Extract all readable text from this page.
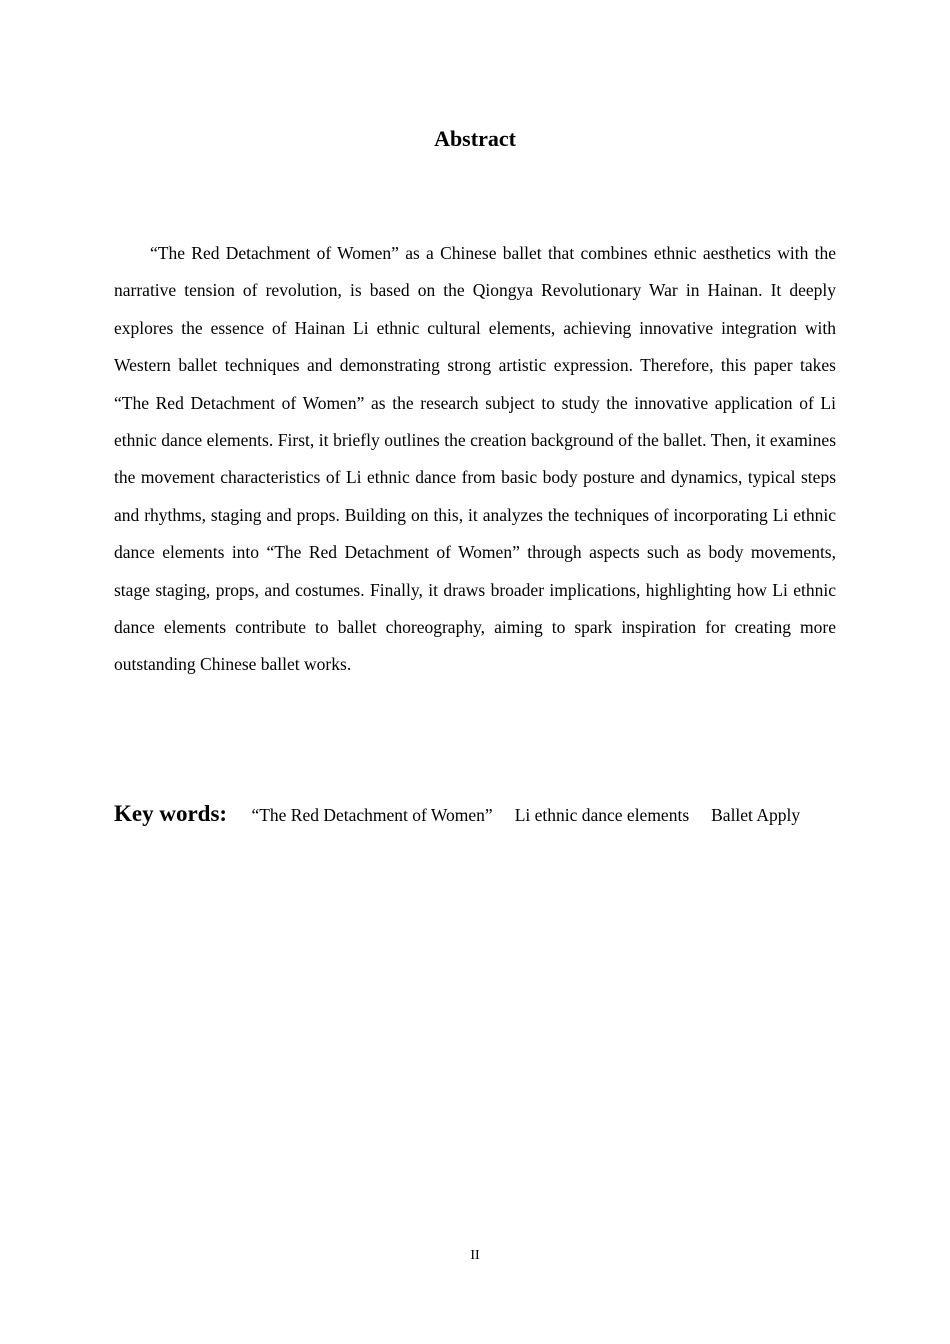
Abstract

“The Red Detachment of Women” as a Chinese ballet that combines ethnic aesthetics with the narrative tension of revolution, is based on the Qiongya Revolutionary War in Hainan. It deeply explores the essence of Hainan Li ethnic cultural elements, achieving innovative integration with Western ballet techniques and demonstrating strong artistic expression. Therefore, this paper takes “The Red Detachment of Women” as the research subject to study the innovative application of Li ethnic dance elements. First, it briefly outlines the creation background of the ballet. Then, it examines the movement characteristics of Li ethnic dance from basic body posture and dynamics, typical steps and rhythms, staging and props. Building on this, it analyzes the techniques of incorporating Li ethnic dance elements into “The Red Detachment of Women” through aspects such as body movements, stage staging, props, and costumes. Finally, it draws broader implications, highlighting how Li ethnic dance elements contribute to ballet choreography, aiming to spark inspiration for creating more outstanding Chinese ballet works.

Key words: “The Red Detachment of Women” Li ethnic dance elements Ballet Apply

II
